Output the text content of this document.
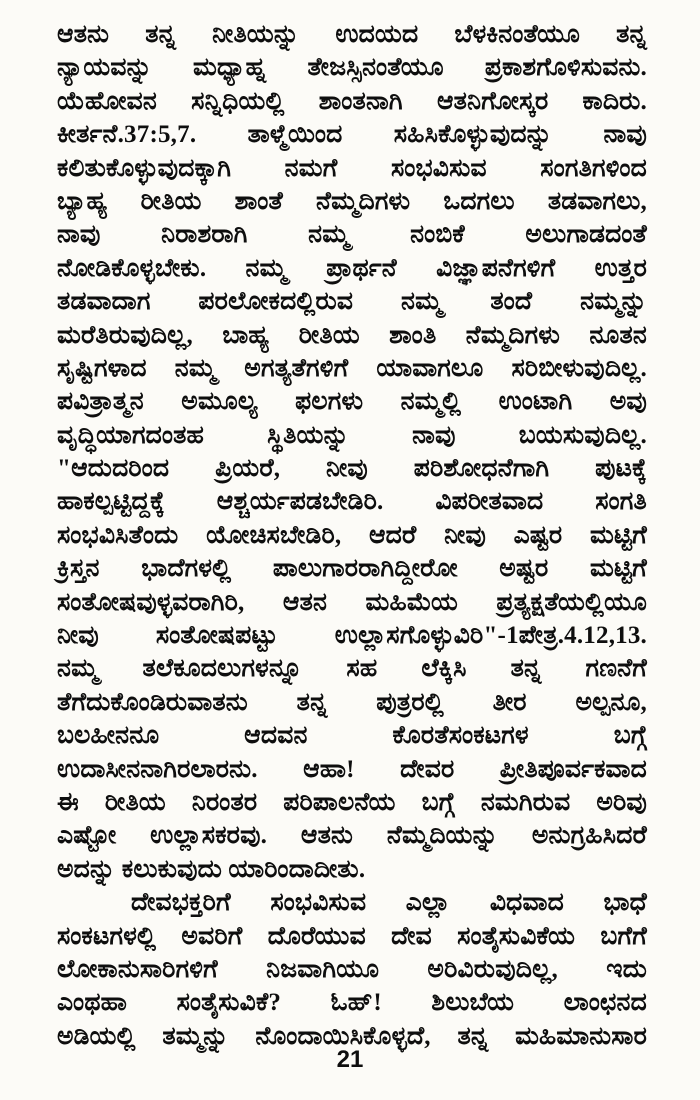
ಆತನು ತನ್ನ ನೀತಿಯನ್ನು ಉದಯದ ಬೆಳಕಿನಂತೆಯೂ ತನ್ನ
ನ್ಯಾಯವನ್ನು ಮಧ್ಯಾಹ್ನ ತೇಜಸ್ಸಿನಂತೆಯೂ ಪ್ರಕಾಶಗೊಳಿಸುವನು.
ಯೆಹೋವನ ಸನ್ನಿಧಿಯಲ್ಲಿ ಶಾಂತನಾಗಿ ಆತನಿಗೋಸ್ಕರ ಕಾದಿರು.
ಕೀರ್ತನೆ.37:5,7. ತಾಳ್ಮೆಯಿಂದ ಸಹಿಸಿಕೊಳ್ಳುವುದನ್ನು ನಾವು
ಕಲಿತುಕೊಳ್ಳುವುದಕ್ಕಾಗಿ ನಮಗೆ ಸಂಭವಿಸುವ ಸಂಗತಿಗಳಿಂದ
ಬ್ಯಾಹ್ಯ ರೀತಿಯ ಶಾಂತೆ ನೆಮ್ಮದಿಗಳು ಒದಗಲು ತಡವಾಗಲು,
ನಾವು ನಿರಾಶರಾಗಿ ನಮ್ಮ ನಂಬಿಕೆ ಅಲುಗಾಡದಂತೆ
ನೋಡಿಕೊಳ್ಳಬೇಕು. ನಮ್ಮ ಪ್ರಾರ್ಥನೆ ವಿಜ್ಞಾಪನೆಗಳಿಗೆ ಉತ್ತರ
ತಡವಾದಾಗ ಪರಲೋಕದಲ್ಲಿರುವ ನಮ್ಮ ತಂದೆ ನಮ್ಮನ್ನು
ಮರೆತಿರುವುದಿಲ್ಲ, ಬಾಹ್ಯ ರೀತಿಯ ಶಾಂತಿ ನೆಮ್ಮದಿಗಳು ನೂತನ
ಸೃಷ್ಟಿಗಳಾದ ನಮ್ಮ ಅಗತ್ಯತೆಗಳಿಗೆ ಯಾವಾಗಲೂ ಸರಿಬೀಳುವುದಿಲ್ಲ.
ಪವಿತ್ರಾತ್ಮನ ಅಮೂಲ್ಯ ಫಲಗಳು ನಮ್ಮಲ್ಲಿ ಉಂಟಾಗಿ ಅವು
ವೃದ್ಧಿಯಾಗದಂತಹ ಸ್ಥಿತಿಯನ್ನು ನಾವು ಬಯಸುವುದಿಲ್ಲ.
"ಆದುದರಿಂದ ಪ್ರಿಯರೆ, ನೀವು ಪರಿಶೋಧನೆಗಾಗಿ ಪುಟಕ್ಕೆ
ಹಾಕಲ್ಪಟ್ಟಿದ್ದಕ್ಕೆ ಆಶ್ಚರ್ಯಪಡಬೇಡಿರಿ. ವಿಪರೀತವಾದ ಸಂಗತಿ
ಸಂಭವಿಸಿತೆಂದು ಯೋಚಿಸಬೇಡಿರಿ, ಆದರೆ ನೀವು ಎಷ್ಟರ ಮಟ್ಟಿಗೆ
ಕ್ರಿಸ್ತನ ಭಾದೆಗಳಲ್ಲಿ ಪಾಲುಗಾರರಾಗಿದ್ದೀರೋ ಅಷ್ಟರ ಮಟ್ಟಿಗೆ
ಸಂತೋಷವುಳ್ಳವರಾಗಿರಿ, ಆತನ ಮಹಿಮೆಯ ಪ್ರತ್ಯಕ್ಷತೆಯಲ್ಲಿಯೂ
ನೀವು ಸಂತೋಷಪಟ್ಟು ಉಲ್ಲಾಸಗೊಳ್ಳುವಿರಿ"-1ಪೇತ್ರ.4.12,13.
ನಮ್ಮ ತಲೆಕೂದಲುಗಳನ್ನೂ ಸಹ ಲೆಕ್ಕಿಸಿ ತನ್ನ ಗಣನೆಗೆ
ತೆಗೆದುಕೊಂಡಿರುವಾತನು ತನ್ನ ಪುತ್ರರಲ್ಲಿ ತೀರ ಅಲ್ಪನೂ,
ಬಲಹೀನನೂ ಆದವನ ಕೊರತೆಸಂಕಟಗಳ ಬಗ್ಗೆ
ಉದಾಸೀನನಾಗಿರಲಾರನು. ಆಹಾ! ದೇವರ ಪ್ರೀತಿಪೂರ್ವಕವಾದ
ಈ ರೀತಿಯ ನಿರಂತರ ಪರಿಪಾಲನೆಯ ಬಗ್ಗೆ ನಮಗಿರುವ ಅರಿವು
ಎಷ್ಟೋ ಉಲ್ಲಾಸಕರವು. ಆತನು ನೆಮ್ಮದಿಯನ್ನು ಅನುಗ್ರಹಿಸಿದರೆ
ಅದನ್ನು ಕಲುಕುವುದು ಯಾರಿಂದಾದೀತು.
ದೇವಭಕ್ತರಿಗೆ ಸಂಭವಿಸುವ ಎಲ್ಲಾ ವಿಧವಾದ ಭಾಧೆ
ಸಂಕಟಗಳಲ್ಲಿ ಅವರಿಗೆ ದೊರೆಯುವ ದೇವ ಸಂತೈಸುವಿಕೆಯ ಬಗೆಗೆ
ಲೋಕಾನುಸಾರಿಗಳಿಗೆ ನಿಜವಾಗಿಯೂ ಅರಿವಿರುವುದಿಲ್ಲ, ಇದು
ಎಂಥಹಾ ಸಂತೈಸುವಿಕೆ? ಓಹ್! ಶಿಲುಬೆಯ ಲಾಂಛನದ
ಅಡಿಯಲ್ಲಿ ತಮ್ಮನ್ನು ನೊಂದಾಯಿಸಿಕೊಳ್ಳದೆ, ತನ್ನ ಮಹಿಮಾನುಸಾರ
21
